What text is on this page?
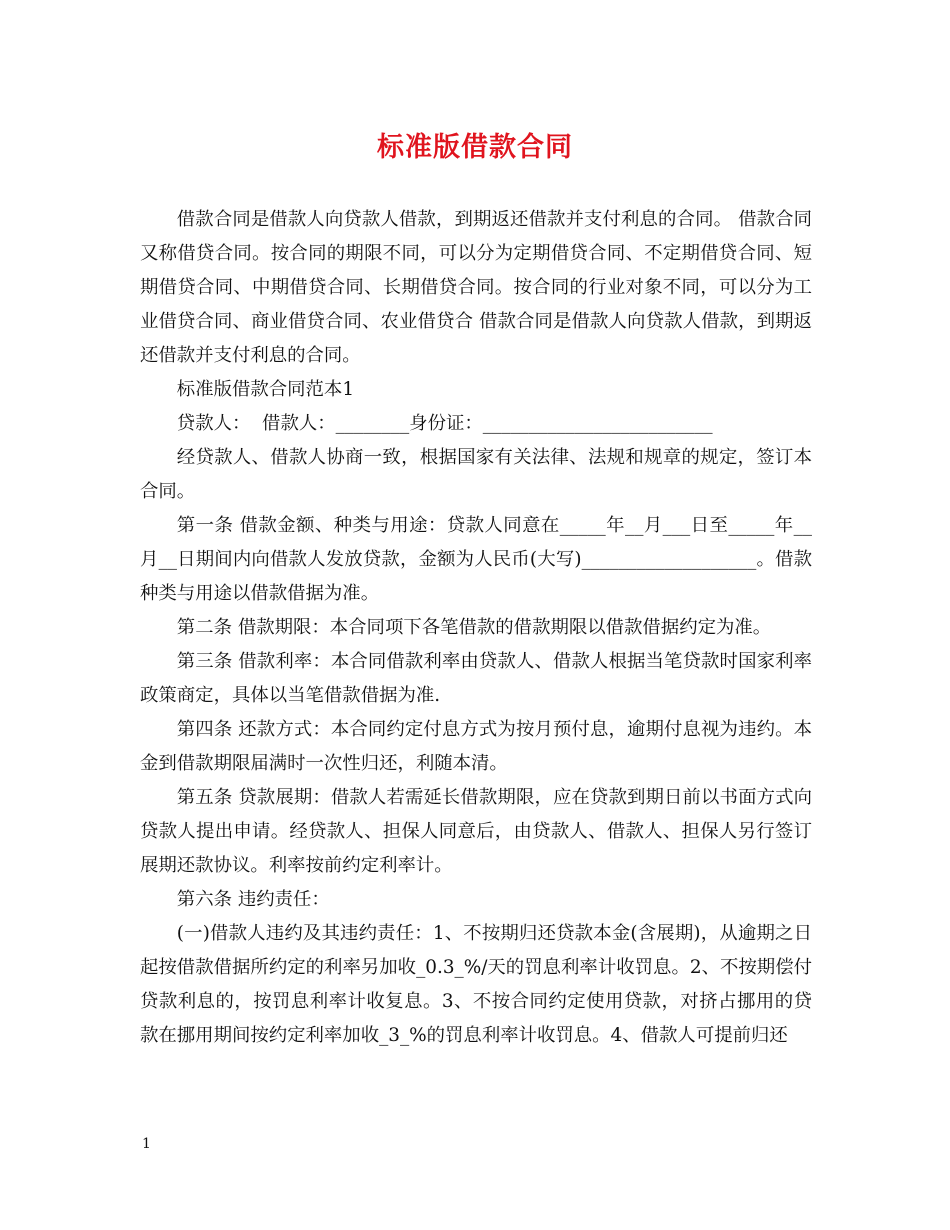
标准版借款合同

借款合同是借款人向贷款人借款，到期返还借款并支付利息的合同。 借款合同又称借贷合同。按合同的期限不同，可以分为定期借贷合同、不定期借贷合同、短期借贷合同、中期借贷合同、长期借贷合同。按合同的行业对象不同，可以分为工业借贷合同、商业借贷合同、农业借贷合 借款合同是借款人向贷款人借款，到期返还借款并支付利息的合同。

标准版借款合同范本1

贷款人：  借款人：________身份证：_________________________

经贷款人、借款人协商一致，根据国家有关法律、法规和规章的规定，签订本合同。

第一条 借款金额、种类与用途：贷款人同意在_____年__月___日至_____年__月__日期间内向借款人发放贷款，金额为人民币(大写)___________________。借款种类与用途以借款借据为准。

第二条 借款期限：本合同项下各笔借款的借款期限以借款借据约定为准。

第三条 借款利率：本合同借款利率由贷款人、借款人根据当笔贷款时国家利率政策商定，具体以当笔借款借据为准.

第四条 还款方式：本合同约定付息方式为按月预付息，逾期付息视为违约。本金到借款期限届满时一次性归还，利随本清。

第五条 贷款展期：借款人若需延长借款期限，应在贷款到期日前以书面方式向贷款人提出申请。经贷款人、担保人同意后，由贷款人、借款人、担保人另行签订展期还款协议。利率按前约定利率计。

第六条 违约责任：

(一)借款人违约及其违约责任：1、不按期归还贷款本金(含展期)，从逾期之日起按借款借据所约定的利率另加收_0.3_%/天的罚息利率计收罚息。2、不按期偿付贷款利息的，按罚息利率计收复息。3、不按合同约定使用贷款，对挤占挪用的贷款在挪用期间按约定利率加收_3_%的罚息利率计收罚息。4、借款人可提前归还

1
